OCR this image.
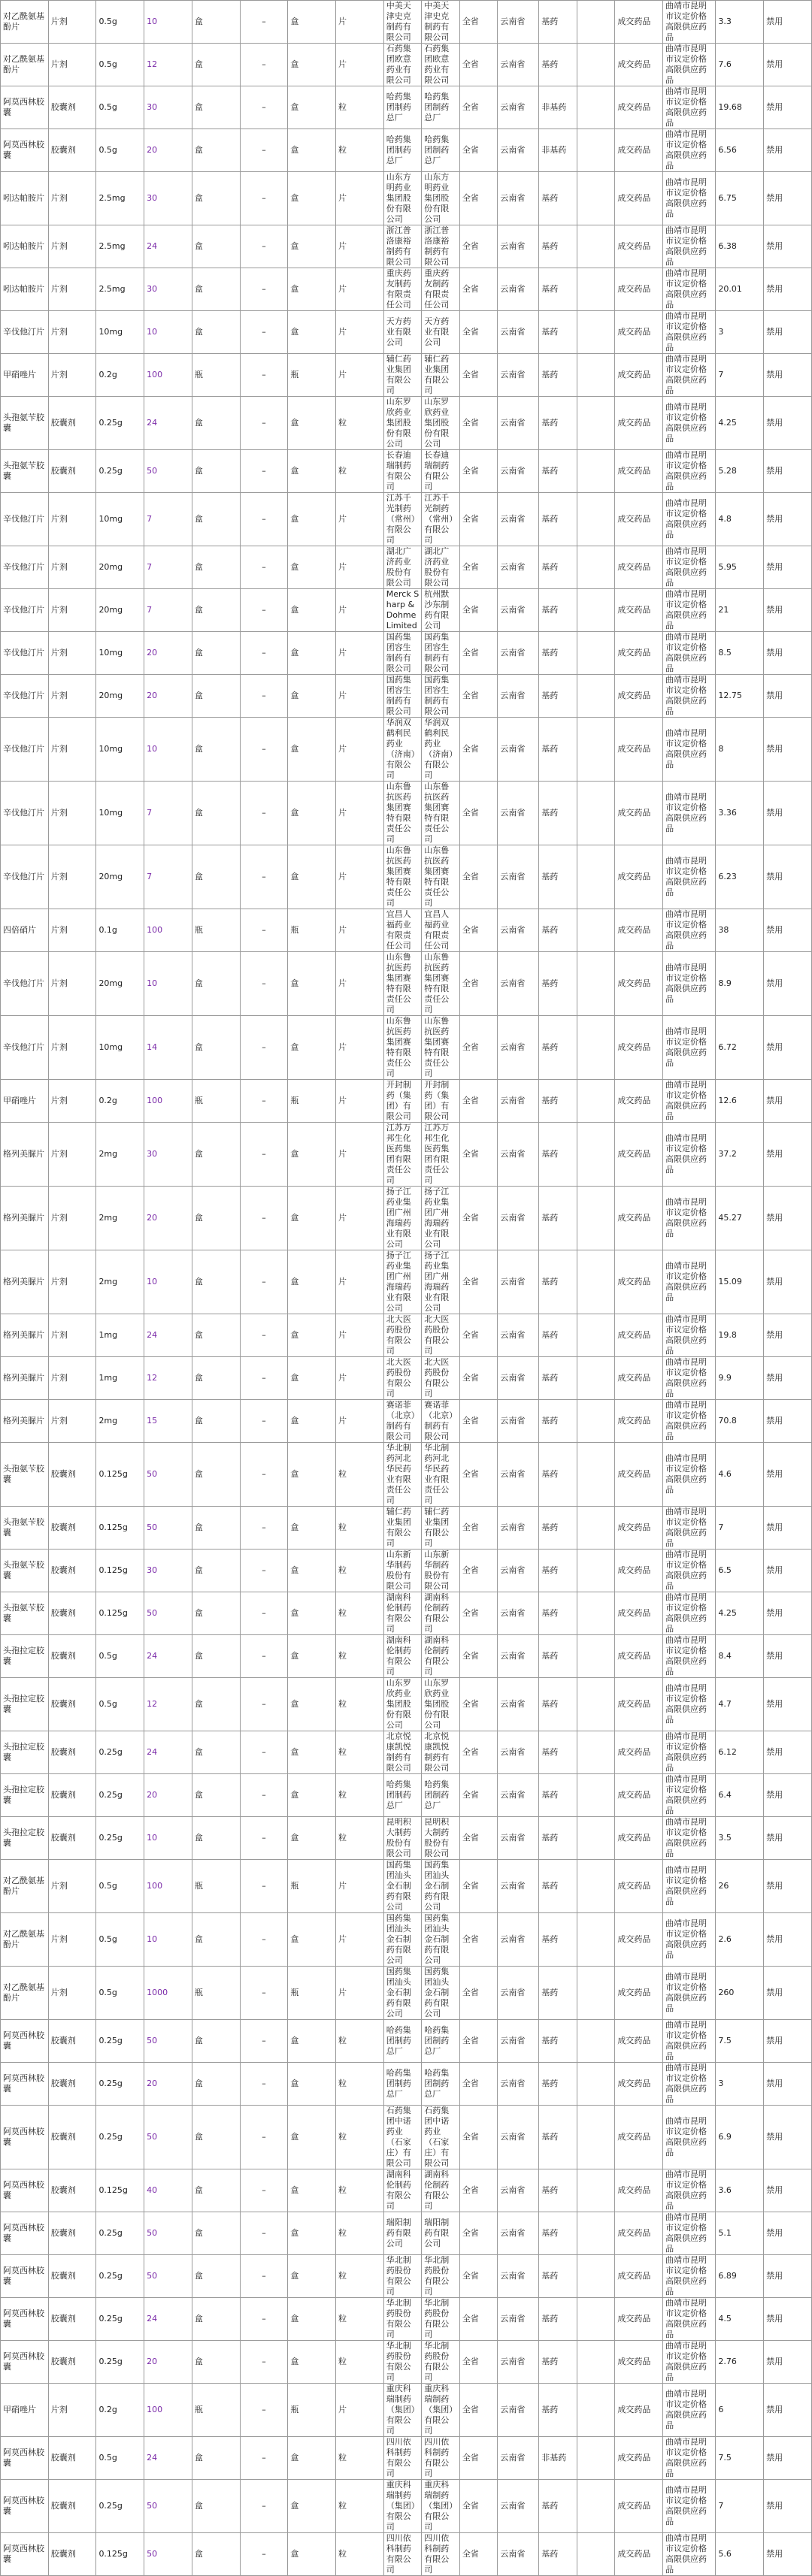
对乙酰氨基酚片	片剂	0.5g	10	盒	–	盒	片	中美天津史克制药有限公司	中美天津史克制药有限公司	全省	云南省	基药		成交药品	曲靖市昆明市议定价格高限供应药品	3.3	禁用
对乙酰氨基酚片	片剂	0.5g	12	盒	–	盒	片	石药集团欧意药业有限公司	石药集团欧意药业有限公司	全省	云南省	基药		成交药品	曲靖市昆明市议定价格高限供应药品	7.6	禁用
阿莫西林胶囊	胶囊剂	0.5g	30	盒	–	盒	粒	哈药集团制药总厂	哈药集团制药总厂	全省	云南省	非基药		成交药品	曲靖市昆明市议定价格高限供应药品	19.68	禁用
阿莫西林胶囊	胶囊剂	0.5g	20	盒	–	盒	粒	哈药集团制药总厂	哈药集团制药总厂	全省	云南省	非基药		成交药品	曲靖市昆明市议定价格高限供应药品	6.56	禁用
吲达帕胺片	片剂	2.5mg	30	盒	–	盒	片	山东方明药业集团股份有限公司	山东方明药业集团股份有限公司	全省	云南省	基药		成交药品	曲靖市昆明市议定价格高限供应药品	6.75	禁用
吲达帕胺片	片剂	2.5mg	24	盒	–	盒	片	浙江普洛康裕制药有限公司	浙江普洛康裕制药有限公司	全省	云南省	基药		成交药品	曲靖市昆明市议定价格高限供应药品	6.38	禁用
吲达帕胺片	片剂	2.5mg	30	盒	–	盒	片	重庆药友制药有限责任公司	重庆药友制药有限责任公司	全省	云南省	基药		成交药品	曲靖市昆明市议定价格高限供应药品	20.01	禁用
辛伐他汀片	片剂	10mg	10	盒	–	盒	片	天方药业有限公司	天方药业有限公司	全省	云南省	基药		成交药品	曲靖市昆明市议定价格高限供应药品	3	禁用
甲硝唑片	片剂	0.2g	100	瓶	–	瓶	片	辅仁药业集团有限公司	辅仁药业集团有限公司	全省	云南省	基药		成交药品	曲靖市昆明市议定价格高限供应药品	7	禁用
头孢氨苄胶囊	胶囊剂	0.25g	24	盒	–	盒	粒	山东罗欣药业集团股份有限公司	山东罗欣药业集团股份有限公司	全省	云南省	基药		成交药品	曲靖市昆明市议定价格高限供应药品	4.25	禁用
头孢氨苄胶囊	胶囊剂	0.25g	50	盒	–	盒	粒	长春迪瑞制药有限公司	长春迪瑞制药有限公司	全省	云南省	基药		成交药品	曲靖市昆明市议定价格高限供应药品	5.28	禁用
辛伐他汀片	片剂	10mg	7	盒	–	盒	片	江苏千光制药（常州）有限公司	江苏千光制药（常州）有限公司	全省	云南省	基药		成交药品	曲靖市昆明市议定价格高限供应药品	4.8	禁用
辛伐他汀片	片剂	20mg	7	盒	–	盒	片	湖北广济药业股份有限公司	湖北广济药业股份有限公司	全省	云南省	基药		成交药品	曲靖市昆明市议定价格高限供应药品	5.95	禁用
辛伐他汀片	片剂	20mg	7	盒	–	盒	片	Merck Sharp & Dohme Limited	杭州默沙东制药有限公司	全省	云南省	基药		成交药品	曲靖市昆明市议定价格高限供应药品	21	禁用
辛伐他汀片	片剂	10mg	20	盒	–	盒	片	国药集团容生制药有限公司	国药集团容生制药有限公司	全省	云南省	基药		成交药品	曲靖市昆明市议定价格高限供应药品	8.5	禁用
辛伐他汀片	片剂	20mg	20	盒	–	盒	片	国药集团容生制药有限公司	国药集团容生制药有限公司	全省	云南省	基药		成交药品	曲靖市昆明市议定价格高限供应药品	12.75	禁用
辛伐他汀片	片剂	10mg	10	盒	–	盒	片	华润双鹤利民药业（济南）有限公司	华润双鹤利民药业（济南）有限公司	全省	云南省	基药		成交药品	曲靖市昆明市议定价格高限供应药品	8	禁用
辛伐他汀片	片剂	10mg	7	盒	–	盒	片	山东鲁抗医药集团赛特有限责任公司	山东鲁抗医药集团赛特有限责任公司	全省	云南省	基药		成交药品	曲靖市昆明市议定价格高限供应药品	3.36	禁用
辛伐他汀片	片剂	20mg	7	盒	–	盒	片	山东鲁抗医药集团赛特有限责任公司	山东鲁抗医药集团赛特有限责任公司	全省	云南省	基药		成交药品	曲靖市昆明市议定价格高限供应药品	6.23	禁用
四倍硝片	片剂	0.1g	100	瓶	–	瓶	片	宜昌人福药业有限责任公司	宜昌人福药业有限责任公司	全省	云南省	基药		成交药品	曲靖市昆明市议定价格高限供应药品	38	禁用
辛伐他汀片	片剂	20mg	10	盒	–	盒	片	山东鲁抗医药集团赛特有限责任公司	山东鲁抗医药集团赛特有限责任公司	全省	云南省	基药		成交药品	曲靖市昆明市议定价格高限供应药品	8.9	禁用
辛伐他汀片	片剂	10mg	14	盒	–	盒	片	山东鲁抗医药集团赛特有限责任公司	山东鲁抗医药集团赛特有限责任公司	全省	云南省	基药		成交药品	曲靖市昆明市议定价格高限供应药品	6.72	禁用
甲硝唑片	片剂	0.2g	100	瓶	–	瓶	片	开封制药（集团）有限公司	开封制药（集团）有限公司	全省	云南省	基药		成交药品	曲靖市昆明市议定价格高限供应药品	12.6	禁用
格列美脲片	片剂	2mg	30	盒	–	盒	片	江苏万邦生化医药集团有限责任公司	江苏万邦生化医药集团有限责任公司	全省	云南省	基药		成交药品	曲靖市昆明市议定价格高限供应药品	37.2	禁用
格列美脲片	片剂	2mg	20	盒	–	盒	片	扬子江药业集团广州海瑞药业有限公司	扬子江药业集团广州海瑞药业有限公司	全省	云南省	基药		成交药品	曲靖市昆明市议定价格高限供应药品	45.27	禁用
格列美脲片	片剂	2mg	10	盒	–	盒	片	扬子江药业集团广州海瑞药业有限公司	扬子江药业集团广州海瑞药业有限公司	全省	云南省	基药		成交药品	曲靖市昆明市议定价格高限供应药品	15.09	禁用
格列美脲片	片剂	1mg	24	盒	–	盒	片	北大医药股份有限公司	北大医药股份有限公司	全省	云南省	基药		成交药品	曲靖市昆明市议定价格高限供应药品	19.8	禁用
格列美脲片	片剂	1mg	12	盒	–	盒	片	北大医药股份有限公司	北大医药股份有限公司	全省	云南省	基药		成交药品	曲靖市昆明市议定价格高限供应药品	9.9	禁用
格列美脲片	片剂	2mg	15	盒	–	盒	片	赛诺菲（北京）制药有限公司	赛诺菲（北京）制药有限公司	全省	云南省	基药		成交药品	曲靖市昆明市议定价格高限供应药品	70.8	禁用
头孢氨苄胶囊	胶囊剂	0.125g	50	盒	–	盒	粒	华北制药河北华民药业有限责任公司	华北制药河北华民药业有限责任公司	全省	云南省	基药		成交药品	曲靖市昆明市议定价格高限供应药品	4.6	禁用
头孢氨苄胶囊	胶囊剂	0.125g	50	盒	–	盒	粒	辅仁药业集团有限公司	辅仁药业集团有限公司	全省	云南省	基药		成交药品	曲靖市昆明市议定价格高限供应药品	7	禁用
头孢氨苄胶囊	胶囊剂	0.125g	30	盒	–	盒	粒	山东新华制药股份有限公司	山东新华制药股份有限公司	全省	云南省	基药		成交药品	曲靖市昆明市议定价格高限供应药品	6.5	禁用
头孢氨苄胶囊	胶囊剂	0.125g	50	盒	–	盒	粒	湖南科伦制药有限公司	湖南科伦制药有限公司	全省	云南省	基药		成交药品	曲靖市昆明市议定价格高限供应药品	4.25	禁用
头孢拉定胶囊	胶囊剂	0.5g	24	盒	–	盒	粒	湖南科伦制药有限公司	湖南科伦制药有限公司	全省	云南省	基药		成交药品	曲靖市昆明市议定价格高限供应药品	8.4	禁用
头孢拉定胶囊	胶囊剂	0.5g	12	盒	–	盒	粒	山东罗欣药业集团股份有限公司	山东罗欣药业集团股份有限公司	全省	云南省	基药		成交药品	曲靖市昆明市议定价格高限供应药品	4.7	禁用
头孢拉定胶囊	胶囊剂	0.25g	24	盒	–	盒	粒	北京悦康凯悦制药有限公司	北京悦康凯悦制药有限公司	全省	云南省	基药		成交药品	曲靖市昆明市议定价格高限供应药品	6.12	禁用
头孢拉定胶囊	胶囊剂	0.25g	20	盒	–	盒	粒	哈药集团制药总厂	哈药集团制药总厂	全省	云南省	基药		成交药品	曲靖市昆明市议定价格高限供应药品	6.4	禁用
头孢拉定胶囊	胶囊剂	0.25g	10	盒	–	盒	粒	昆明积大制药股份有限公司	昆明积大制药股份有限公司	全省	云南省	基药		成交药品	曲靖市昆明市议定价格高限供应药品	3.5	禁用
对乙酰氨基酚片	片剂	0.5g	100	瓶	–	瓶	片	国药集团汕头金石制药有限公司	国药集团汕头金石制药有限公司	全省	云南省	基药		成交药品	曲靖市昆明市议定价格高限供应药品	26	禁用
对乙酰氨基酚片	片剂	0.5g	10	盒	–	盒	片	国药集团汕头金石制药有限公司	国药集团汕头金石制药有限公司	全省	云南省	基药		成交药品	曲靖市昆明市议定价格高限供应药品	2.6	禁用
对乙酰氨基酚片	片剂	0.5g	1000	瓶	–	瓶	片	国药集团汕头金石制药有限公司	国药集团汕头金石制药有限公司	全省	云南省	基药		成交药品	曲靖市昆明市议定价格高限供应药品	260	禁用
阿莫西林胶囊	胶囊剂	0.25g	50	盒	–	盒	粒	哈药集团制药总厂	哈药集团制药总厂	全省	云南省	基药		成交药品	曲靖市昆明市议定价格高限供应药品	7.5	禁用
阿莫西林胶囊	胶囊剂	0.25g	20	盒	–	盒	粒	哈药集团制药总厂	哈药集团制药总厂	全省	云南省	基药		成交药品	曲靖市昆明市议定价格高限供应药品	3	禁用
阿莫西林胶囊	胶囊剂	0.25g	50	盒	–	盒	粒	石药集团中诺药业（石家庄）有限公司	石药集团中诺药业（石家庄）有限公司	全省	云南省	基药		成交药品	曲靖市昆明市议定价格高限供应药品	6.9	禁用
阿莫西林胶囊	胶囊剂	0.125g	40	盒	–	盒	粒	湖南科伦制药有限公司	湖南科伦制药有限公司	全省	云南省	基药		成交药品	曲靖市昆明市议定价格高限供应药品	3.6	禁用
阿莫西林胶囊	胶囊剂	0.25g	50	盒	–	盒	粒	瑞阳制药有限公司	瑞阳制药有限公司	全省	云南省	基药		成交药品	曲靖市昆明市议定价格高限供应药品	5.1	禁用
阿莫西林胶囊	胶囊剂	0.25g	50	盒	–	盒	粒	华北制药股份有限公司	华北制药股份有限公司	全省	云南省	基药		成交药品	曲靖市昆明市议定价格高限供应药品	6.89	禁用
阿莫西林胶囊	胶囊剂	0.25g	24	盒	–	盒	粒	华北制药股份有限公司	华北制药股份有限公司	全省	云南省	基药		成交药品	曲靖市昆明市议定价格高限供应药品	4.5	禁用
阿莫西林胶囊	胶囊剂	0.25g	20	盒	–	盒	粒	华北制药股份有限公司	华北制药股份有限公司	全省	云南省	基药		成交药品	曲靖市昆明市议定价格高限供应药品	2.76	禁用
甲硝唑片	片剂	0.2g	100	瓶	–	瓶	片	重庆科瑞制药（集团）有限公司	重庆科瑞制药（集团）有限公司	全省	云南省	基药		成交药品	曲靖市昆明市议定价格高限供应药品	6	禁用
阿莫西林胶囊	胶囊剂	0.5g	24	盒	–	盒	粒	四川依科制药有限公司	四川依科制药有限公司	全省	云南省	非基药		成交药品	曲靖市昆明市议定价格高限供应药品	7.5	禁用
阿莫西林胶囊	胶囊剂	0.25g	50	盒	–	盒	粒	重庆科瑞制药（集团）有限公司	重庆科瑞制药（集团）有限公司	全省	云南省	基药		成交药品	曲靖市昆明市议定价格高限供应药品	7	禁用
阿莫西林胶囊	胶囊剂	0.125g	50	盒	–	盒	粒	四川依科制药有限公司	四川依科制药有限公司	全省	云南省	基药		成交药品	曲靖市昆明市议定价格高限供应药品	5.6	禁用
